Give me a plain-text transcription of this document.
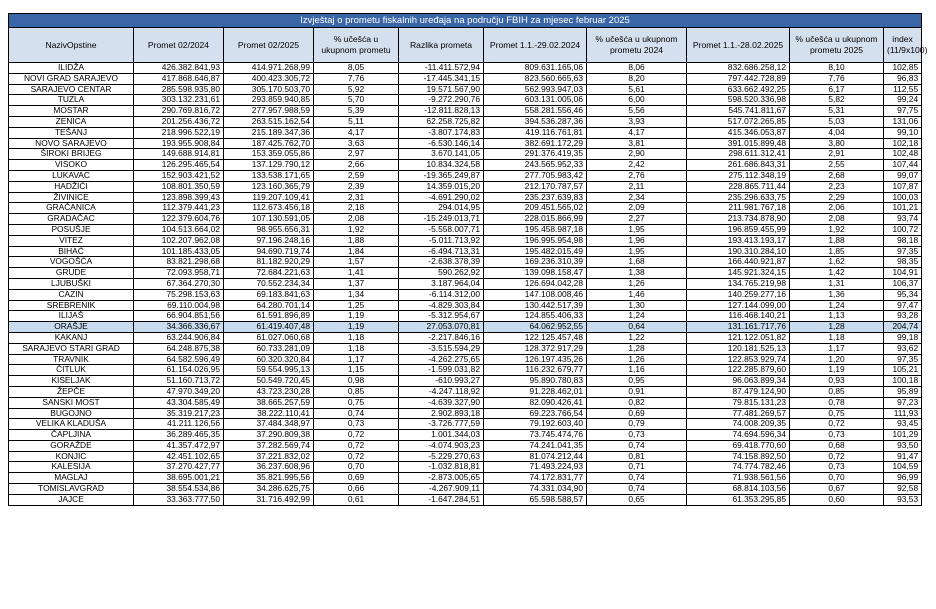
Izvještaj o prometu fiskalnih uređaja na području FBIH za mjesec februar 2025									
NazivOpstine	Promet 02/2024	Promet 02/2025	% učešća u ukupnom prometu	Razlika prometa	Promet 1.1.-29.02.2024	% učešća u ukupnom prometu 2024	Promet 1.1.-28.02.2025	% učešća u ukupnom prometu 2025	index (11/9x100)
ILIDŽA	426.382.841,93	414.971.268,99	8,05	-11.411.572,94	809.631.165,06	8,06	832.686.258,12	8,10	102,85
NOVI GRAD SARAJEVO	417.868.646,87	400.423.305,72	7,76	-17.445.341,15	823.560.665,63	8,20	797.442.728,89	7,76	96,83
SARAJEVO CENTAR	285.598.935,80	305.170.503,70	5,92	19.571.567,90	562.993.947,03	5,61	633.662.492,25	6,17	112,55
TUZLA	303.132.231,61	293.859.940,85	5,70	-9.272.290,76	603.131.005,06	6,00	598.520.336,98	5,82	99,24
MOSTAR	290.769.816,72	277.957.988,59	5,39	-12.811.828,13	558.281.556,46	5,56	545.741.811,67	5,31	97,75
ZENICA	201.256.436,72	263.515.162,54	5,11	62.258.725,82	394.536.287,36	3,93	517.072.265,85	5,03	131,06
TEŠANJ	218.996.522,19	215.189.347,36	4,17	-3.807.174,83	419.116.761,81	4,17	415.346.053,87	4,04	99,10
NOVO SARAJEVO	193.955.908,84	187.425.762,70	3,63	-6.530.146,14	382.691.172,29	3,81	391.015.899,48	3,80	102,18
ŠIROKI BRIJEG	149.688.914,81	153.359.055,86	2,97	3.670.141,05	291.376.419,35	2,90	298.611.312,41	2,91	102,48
VISOKO	126.295.465,54	137.129.790,12	2,66	10.834.324,58	243.565.952,33	2,42	261.686.843,31	2,55	107,44
LUKAVAC	152.903.421,52	133.538.171,65	2,59	-19.365.249,87	277.705.983,42	2,76	275.112.348,19	2,68	99,07
HADŽIĆI	108.801.350,59	123.160.365,79	2,39	14.359.015,20	212.170.787,57	2,11	228.865.711,44	2,23	107,87
ŽIVINICE	123.898.399,43	119.207.109,41	2,31	-4.691.290,02	235.237.639,83	2,34	235.296.633,75	2,29	100,03
GRAČANICA	112.379.441,23	112.673.456,18	2,18	294.014,95	209.451.565,02	2,09	211.981.767,18	2,06	101,21
GRADAČAC	122.379.604,76	107.130.591,05	2,08	-15.249.013,71	228.015.866,99	2,27	213.734.878,90	2,08	93,74
POSUŠJE	104.513.664,02	98.955.656,31	1,92	-5.558.007,71	195.458.987,18	1,95	196.859.455,99	1,92	100,72
VITEZ	102.207.962,08	97.196.248,16	1,88	-5.011.713,92	196.995.954,98	1,96	193.413.193,17	1,88	98,18
BIHAĆ	101.185.433,05	94.690.719,74	1,84	-6.494.713,31	195.482.015,49	1,95	190.310.284,10	1,85	97,35
VOGOŠĆA	83.821.298,68	81.182.920,29	1,57	-2.638.378,39	169.236.310,39	1,68	166.440.921,87	1,62	98,35
GRUDE	72.093.958,71	72.684.221,63	1,41	590.262,92	139.098.158,47	1,38	145.921.324,15	1,42	104,91
LJUBUŠKI	67.364.270,30	70.552.234,34	1,37	3.187.964,04	126.694.042,28	1,26	134.765.219,98	1,31	106,37
CAZIN	75.298.153,63	69.183.841,63	1,34	-6.114.312,00	147.108.008,46	1,46	140.259.277,16	1,36	95,34
SREBRENIK	69.110.004,98	64.280.701,14	1,25	-4.829.303,84	130.442.517,39	1,30	127.144.099,00	1,24	97,47
ILIJAŠ	66.904.851,56	61.591.896,89	1,19	-5.312.954,67	124.855.406,33	1,24	116.468.140,21	1,13	93,28
ORAŠJE	34.366.336,67	61.419.407,48	1,19	27.053.070,81	64.062.952,55	0,64	131.161.717,76	1,28	204,74
KAKANJ	63.244.906,84	61.027.060,68	1,18	-2.217.846,16	122.125.457,48	1,22	121.122.051,82	1,18	99,18
SARAJEVO STARI GRAD	64.248.875,38	60.733.281,09	1,18	-3.515.594,29	128.372.917,29	1,28	120.181.525,13	1,17	93,62
TRAVNIK	64.582.596,49	60.320.320,84	1,17	-4.262.275,65	126.197.435,26	1,26	122.853.929,74	1,20	97,35
ČITLUK	61.154.026,95	59.554.995,13	1,15	-1.599.031,82	116.232.679,77	1,16	122.285.879,60	1,19	105,21
KISELJAK	51.160.713,72	50.549.720,45	0,98	-610.993,27	95.890.780,83	0,95	96.063.899,34	0,93	100,18
ŽEPČE	47.970.349,20	43.723.230,28	0,85	-4.247.118,92	91.228.462,01	0,91	87.479.124,90	0,85	95,89
SANSKI MOST	43.304.585,49	38.665.257,59	0,75	-4.639.327,90	82.090.426,41	0,82	79.815.131,23	0,78	97,23
BUGOJNO	35.319.217,23	38.222.110,41	0,74	2.902.893,18	69.223.766,54	0,69	77.481.269,57	0,75	111,93
VELIKA KLADUŠA	41.211.126,56	37.484.348,97	0,73	-3.726.777,59	79.192.603,40	0,79	74.008.209,35	0,72	93,45
ČAPLJINA	36.289.465,35	37.290.809,38	0,72	1.001.344,03	73.745.474,76	0,73	74.694.596,34	0,73	101,29
GORAŽDE	41.357.472,97	37.282.569,74	0,72	-4.074.903,23	74.241.041,35	0,74	69.418.770,60	0,68	93,50
KONJIC	42.451.102,65	37.221.832,02	0,72	-5.229.270,63	81.074.212,44	0,81	74.158.892,50	0,72	91,47
KALESIJA	37.270.427,77	36.237.608,96	0,70	-1.032.818,81	71.493.224,93	0,71	74.774.782,46	0,73	104,59
MAGLAJ	38.695.001,21	35.821.995,56	0,69	-2.873.005,65	74.172.831,77	0,74	71.938.561,56	0,70	96,99
TOMISLAVGRAD	38.554.534,86	34.286.625,75	0,66	-4.267.909,11	74.331.034,90	0,74	68.814.103,56	0,67	92,58
JAJCE	33.363.777,50	31.716.492,99	0,61	-1.647.284,51	65.598.588,57	0,65	61.353.295,85	0,60	93,53
